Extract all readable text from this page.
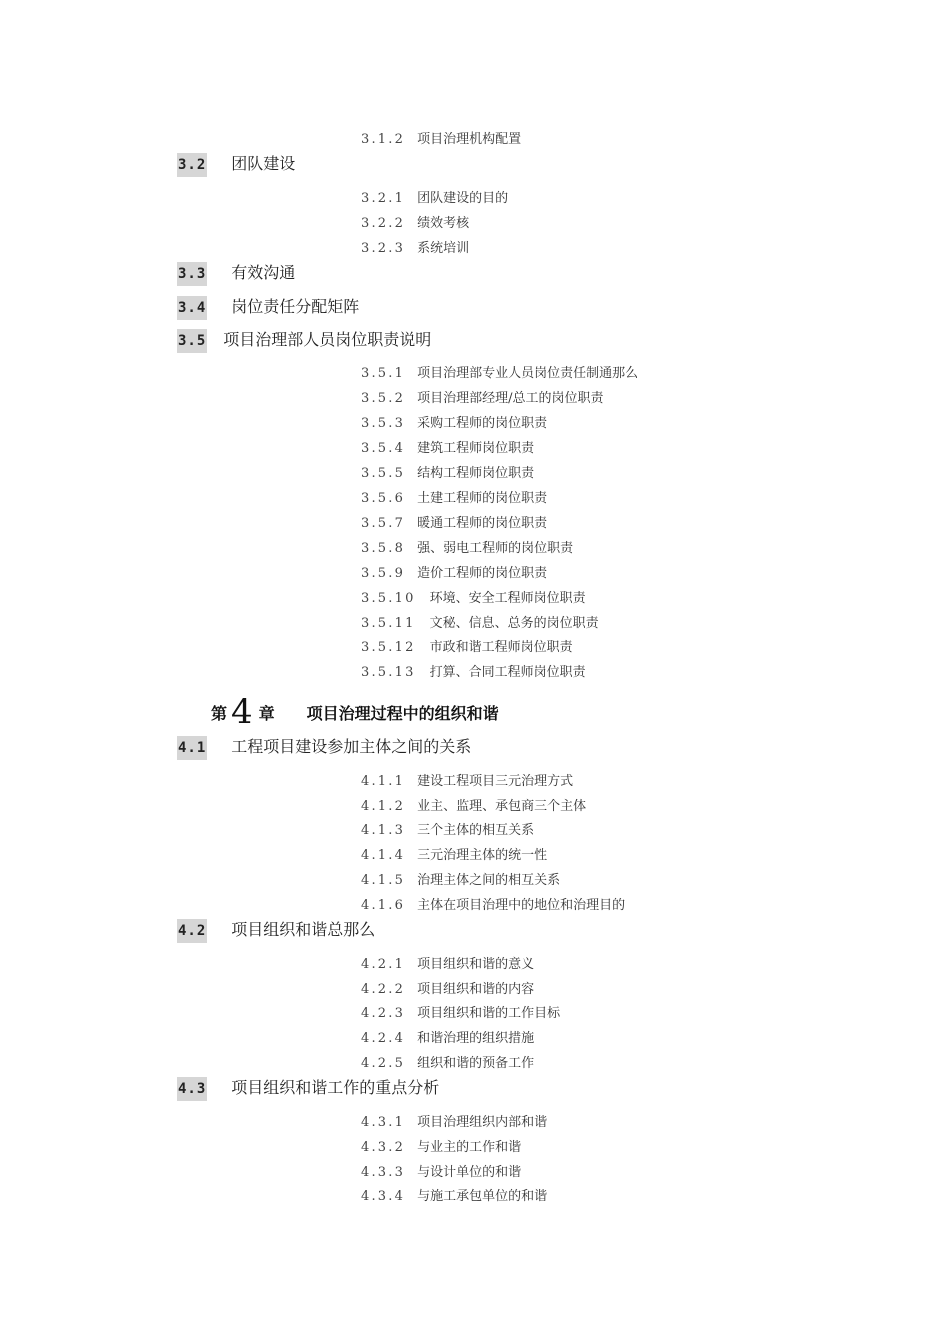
3.1.2 项目治理机构配置
3.2 团队建设
3.2.1 团队建设的目的
3.2.2 绩效考核
3.2.3 系统培训
3.3 有效沟通
3.4 岗位责任分配矩阵
3.5 项目治理部人员岗位职责说明
3.5.1 项目治理部专业人员岗位责任制通那么
3.5.2 项目治理部经理/总工的岗位职责
3.5.3 采购工程师的岗位职责
3.5.4 建筑工程师岗位职责
3.5.5 结构工程师岗位职责
3.5.6 土建工程师的岗位职责
3.5.7 暖通工程师的岗位职责
3.5.8 强、弱电工程师的岗位职责
3.5.9 造价工程师的岗位职责
3.5.10 环境、安全工程师岗位职责
3.5.11 文秘、信息、总务的岗位职责
3.5.12 市政和谐工程师岗位职责
3.5.13 打算、合同工程师岗位职责
第 4 章 项目治理过程中的组织和谐
4.1 工程项目建设参加主体之间的关系
4.1.1 建设工程项目三元治理方式
4.1.2 业主、监理、承包商三个主体
4.1.3 三个主体的相互关系
4.1.4 三元治理主体的统一性
4.1.5 治理主体之间的相互关系
4.1.6 主体在项目治理中的地位和治理目的
4.2 项目组织和谐总那么
4.2.1 项目组织和谐的意义
4.2.2 项目组织和谐的内容
4.2.3 项目组织和谐的工作目标
4.2.4 和谐治理的组织措施
4.2.5 组织和谐的预备工作
4.3 项目组织和谐工作的重点分析
4.3.1 项目治理组织内部和谐
4.3.2 与业主的工作和谐
4.3.3 与设计单位的和谐
4.3.4 与施工承包单位的和谐
